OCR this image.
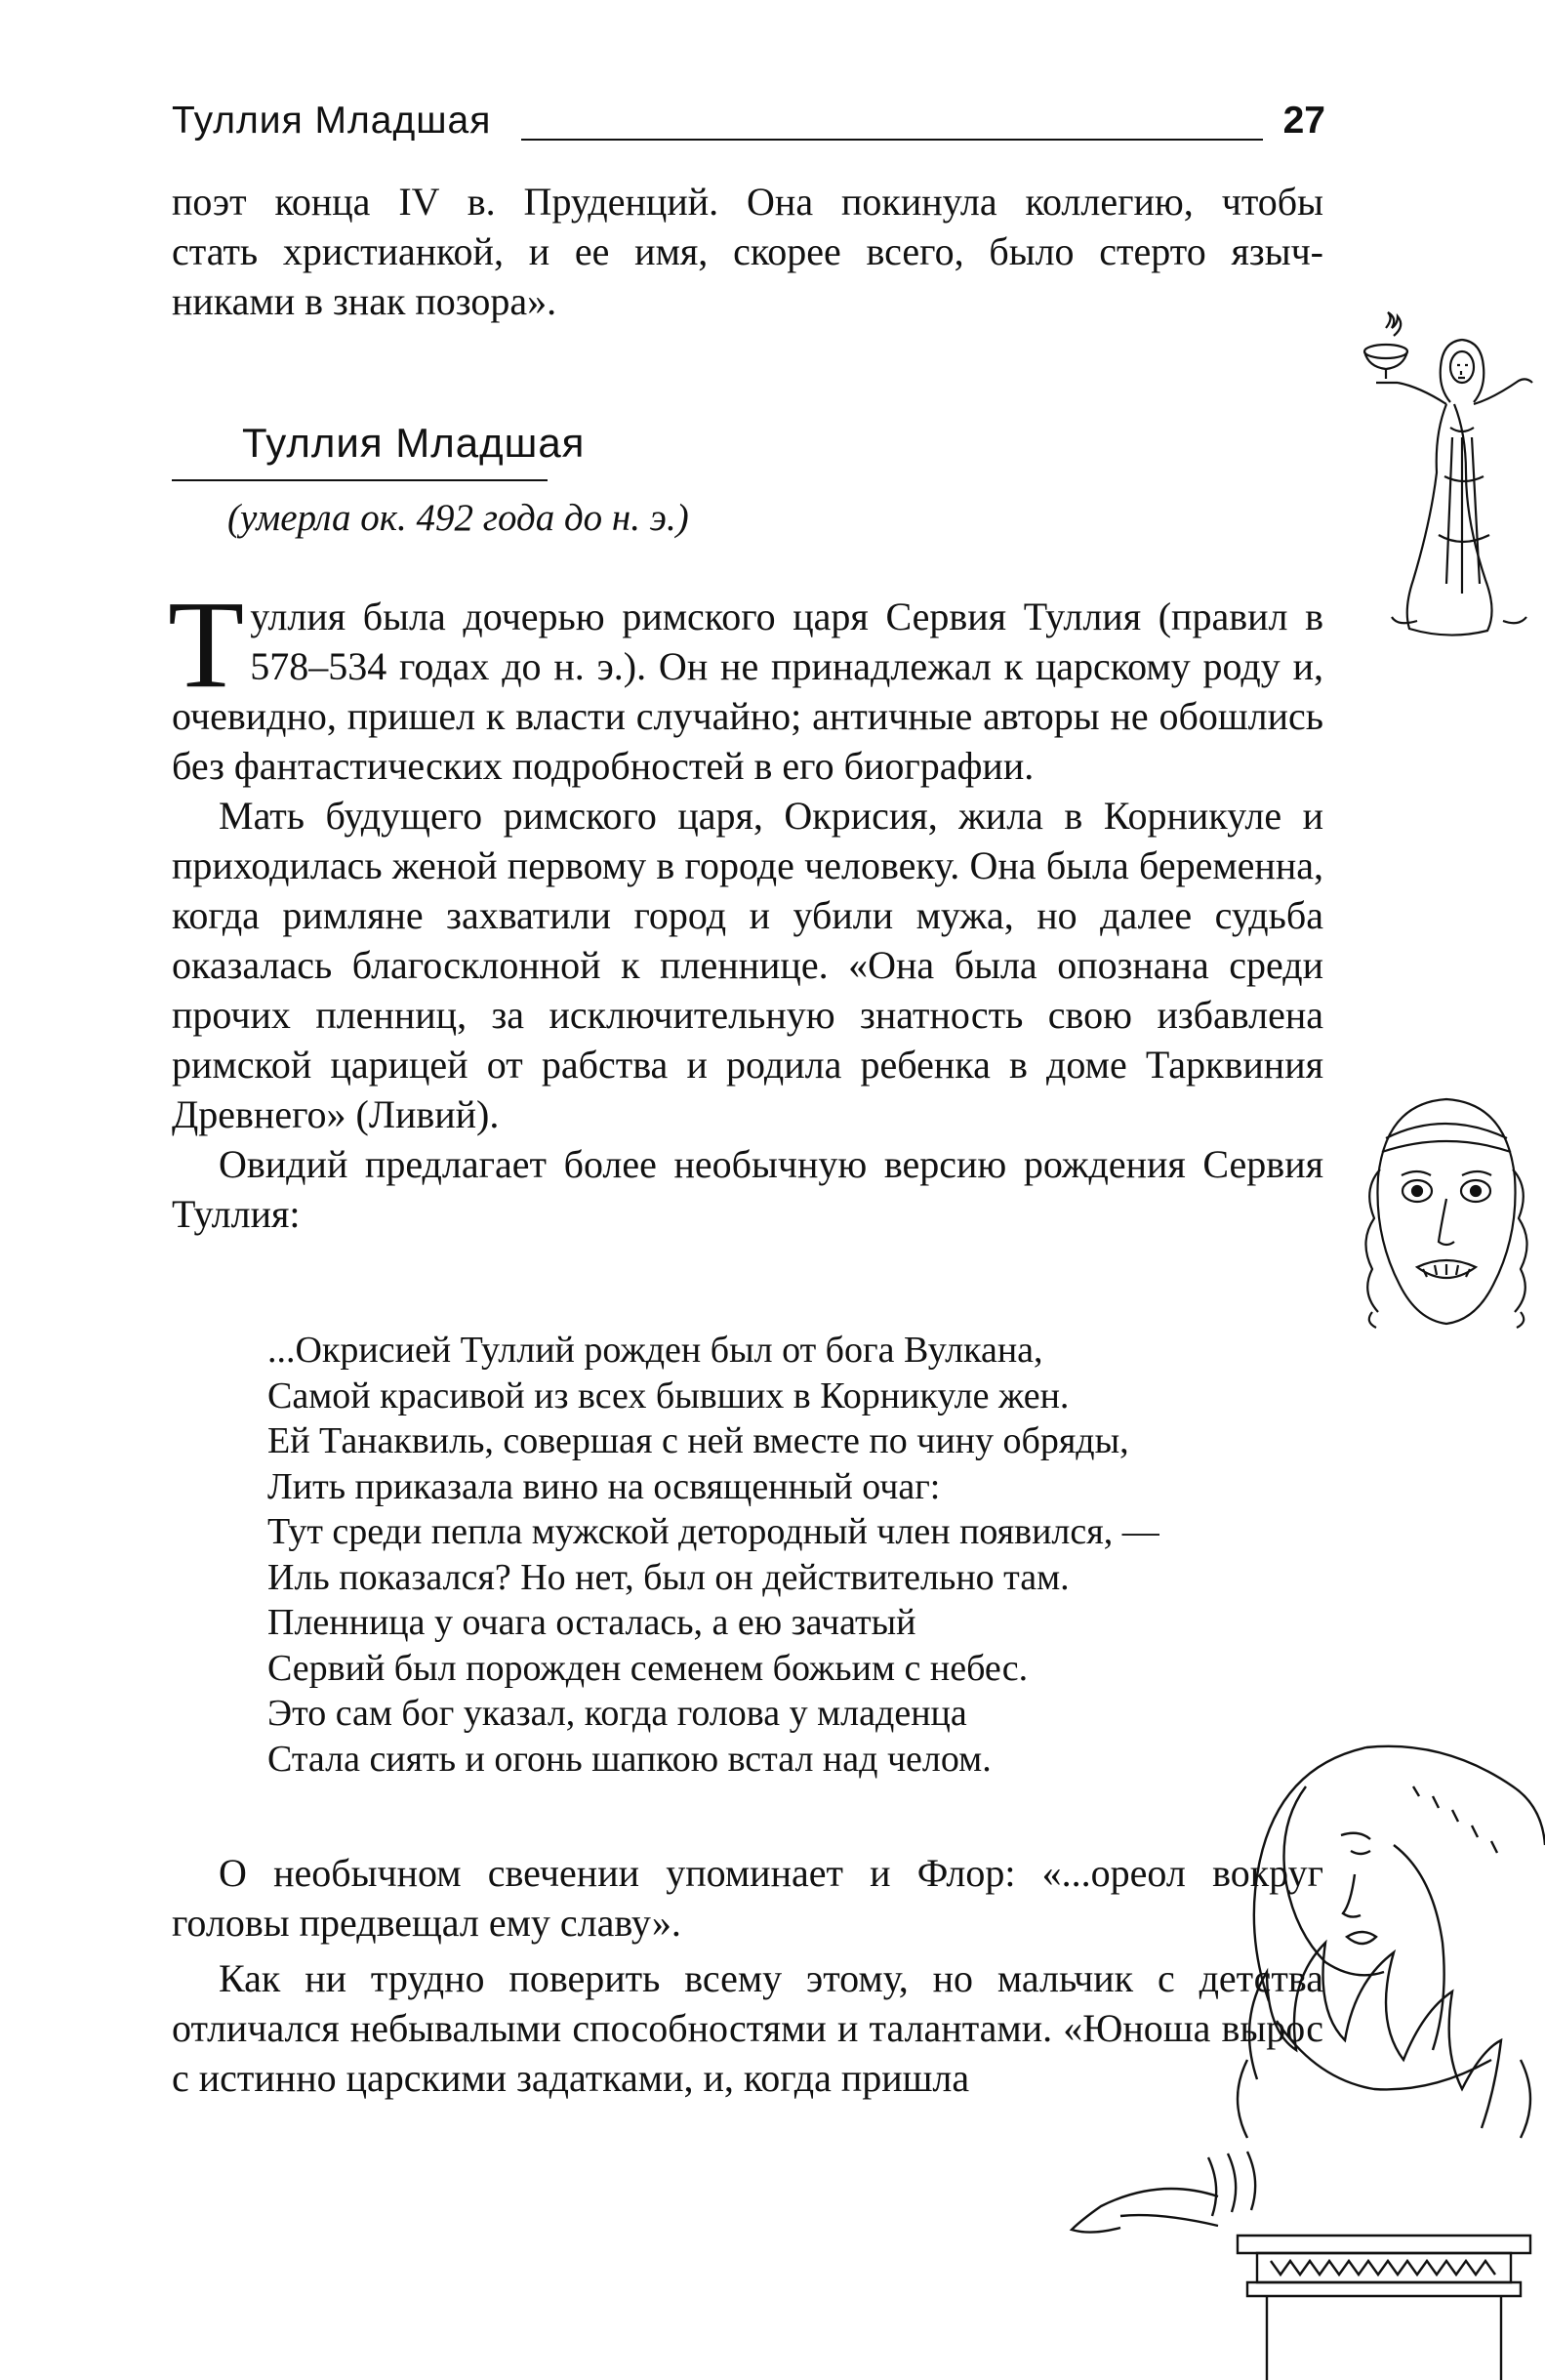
Туллия Младшая	27
поэт конца IV в. Пруденций. Она покинула коллегию, чтобы
стать христианкой, и ее имя, скорее всего, было стерто языч-
никами в знак позора».
Туллия Младшая
(умерла ок. 492 года до н. э.)

Туллия была дочерью римского царя Сервия Туллия (правил в 578–534 годах до н. э.). Он не принадлежал к царскому роду и, очевидно, пришел к власти случайно; античные авторы не обошлись без фантастических подробностей в его биографии.

Мать будущего римского царя, Окрисия, жила в Корникуле и приходилась женой первому в городе человеку. Она была беременна, когда римляне захватили город и убили мужа, но далее судьба оказалась благосклонной к пленнице. «Она была опознана среди прочих пленниц, за исключительную знатность свою избавлена римской царицей от рабства и родила ребенка в доме Тарквиния Древнего» (Ливий).

Овидий предлагает более необычную версию рождения Сервия Туллия:

...Окрисией Туллий рожден был от бога Вулкана,
Самой красивой из всех бывших в Корникуле жен.
Ей Танаквиль, совершая с ней вместе по чину обряды,
Лить приказала вино на освященный очаг:
Тут среди пепла мужской детородный член появился, —
Иль показался? Но нет, был он действительно там.
Пленница у очага осталась, а ею зачатый
Сервий был порожден семенем божьим с небес.
Это сам бог указал, когда голова у младенца
Стала сиять и огонь шапкою встал над челом.

О необычном свечении упоминает и Флор: «...ореол вокруг головы предвещал ему славу».

Как ни трудно поверить всему этому, но мальчик с детства отличался небывалыми способностями и талантами. «Юноша вырос с истинно царскими задатками, и, когда пришла
